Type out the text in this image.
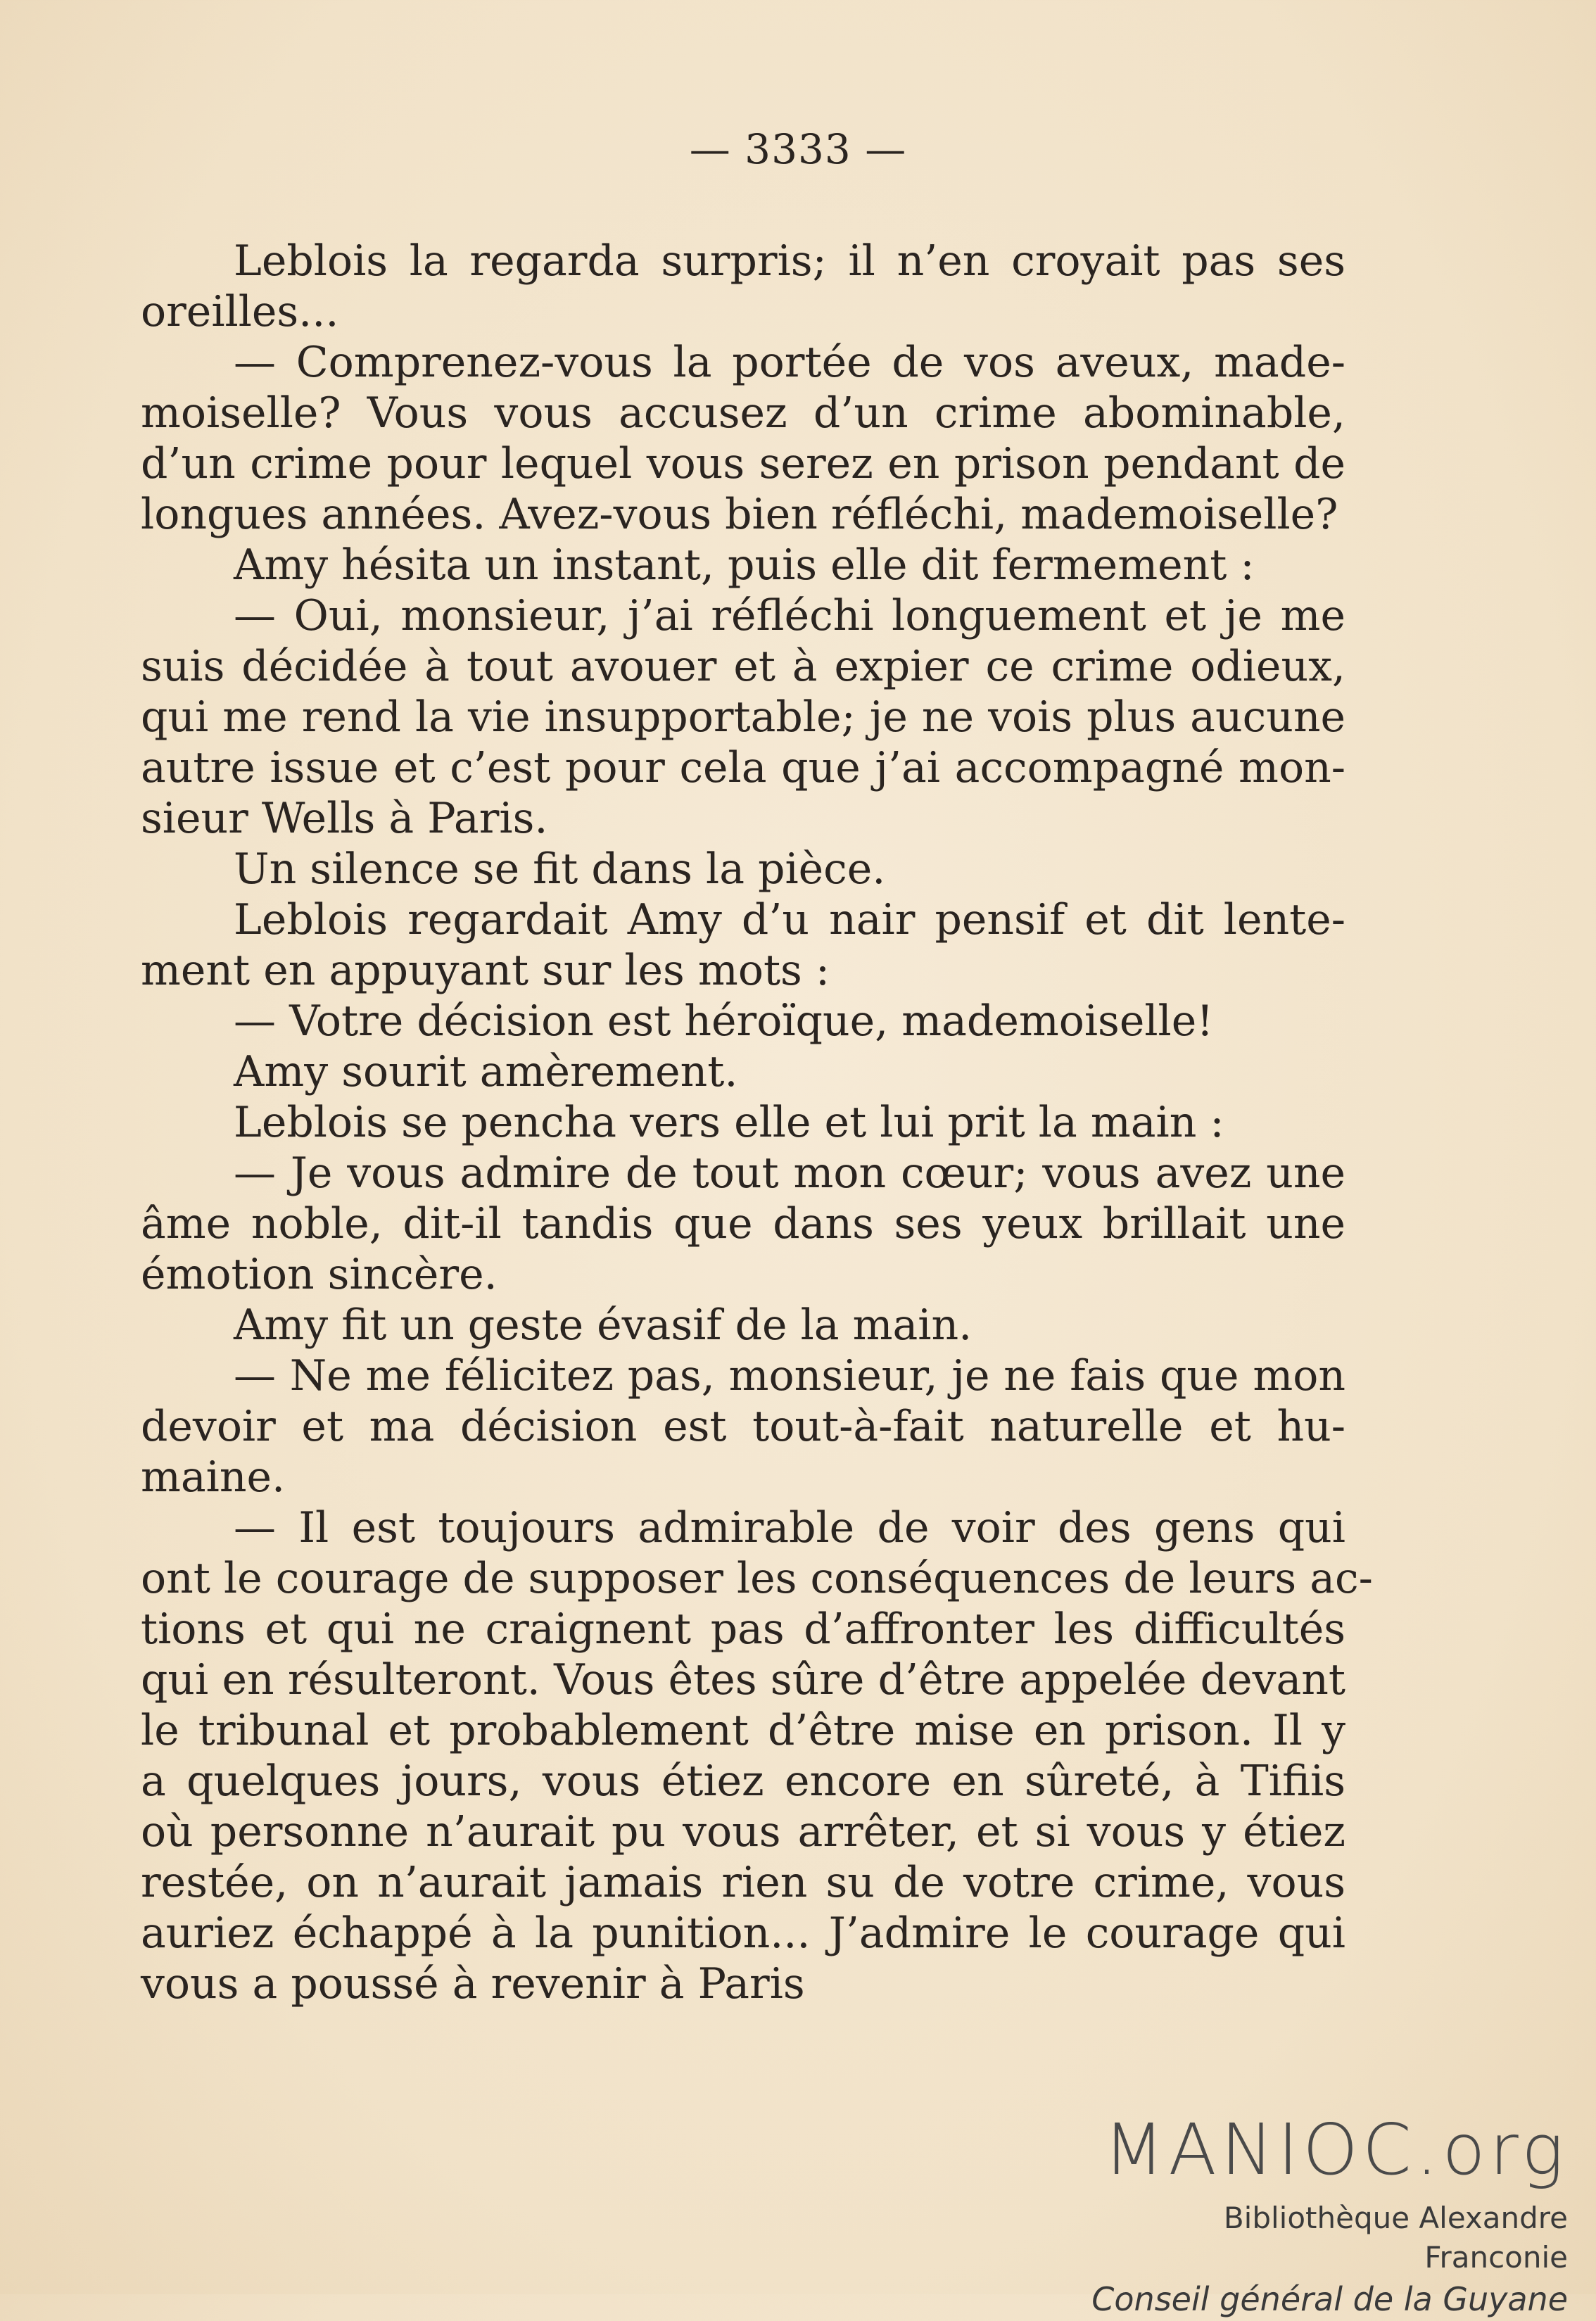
— 3333 —
Leblois la regarda surpris; il n’en croyait pas ses
oreilles...
— Comprenez-vous la portée de vos aveux, made-
moiselle? Vous vous accusez d’un crime abominable,
d’un crime pour lequel vous serez en prison pendant de
longues années. Avez-vous bien réfléchi, mademoiselle?
Amy hésita un instant, puis elle dit fermement :
— Oui, monsieur, j’ai réfléchi longuement et je me
suis décidée à tout avouer et à expier ce crime odieux,
qui me rend la vie insupportable; je ne vois plus aucune
autre issue et c’est pour cela que j’ai accompagné mon-
sieur Wells à Paris.
Un silence se fit dans la pièce.
Leblois regardait Amy d’u nair pensif et dit lente-
ment en appuyant sur les mots :
— Votre décision est héroïque, mademoiselle!
Amy sourit amèrement.
Leblois se pencha vers elle et lui prit la main :
— Je vous admire de tout mon cœur; vous avez une
âme noble, dit-il tandis que dans ses yeux brillait une
émotion sincère.
Amy fit un geste évasif de la main.
— Ne me félicitez pas, monsieur, je ne fais que mon
devoir et ma décision est tout-à-fait naturelle et hu-
maine.
— Il est toujours admirable de voir des gens qui
ont le courage de supposer les conséquences de leurs ac-
tions et qui ne craignent pas d’affronter les difficultés
qui en résulteront. Vous êtes sûre d’être appelée devant
le tribunal et probablement d’être mise en prison. Il y
a quelques jours, vous étiez encore en sûreté, à Tifiis
où personne n’aurait pu vous arrêter, et si vous y étiez
restée, on n’aurait jamais rien su de votre crime, vous
auriez échappé à la punition... J’admire le courage qui
vous a poussé à revenir à Paris
MANIOC.org
Bibliothèque Alexandre Franconie
Conseil général de la Guyane
